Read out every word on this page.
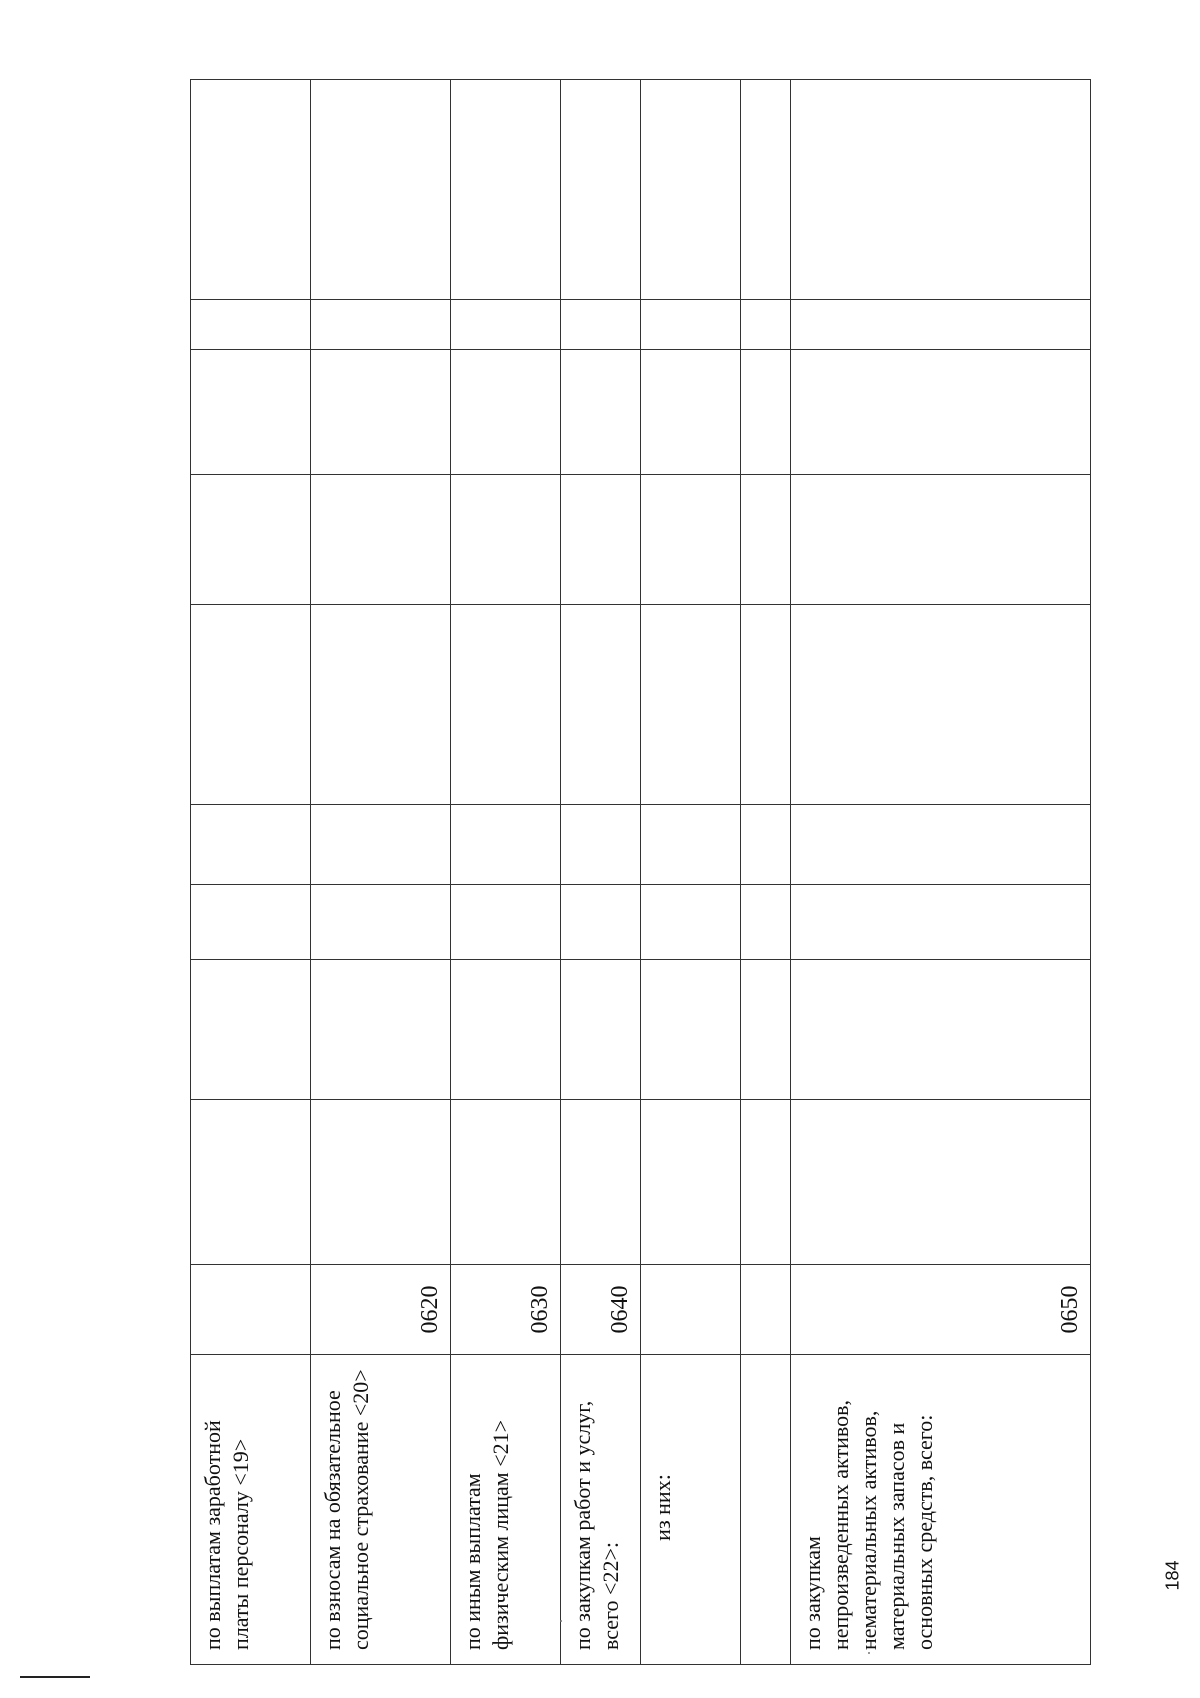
по выплатам заработной платы персоналу <19>										
по взносам на обязательное социальное страхование <20>	0620									
по иным выплатам физическим лицам <21>	0630									
по закупкам работ и услуг, всего <22>:	0640									
из них:										

по закупкам непроизведенных активов, нематериальных активов, материальных запасов и основных средств, всего:	0650									
184
